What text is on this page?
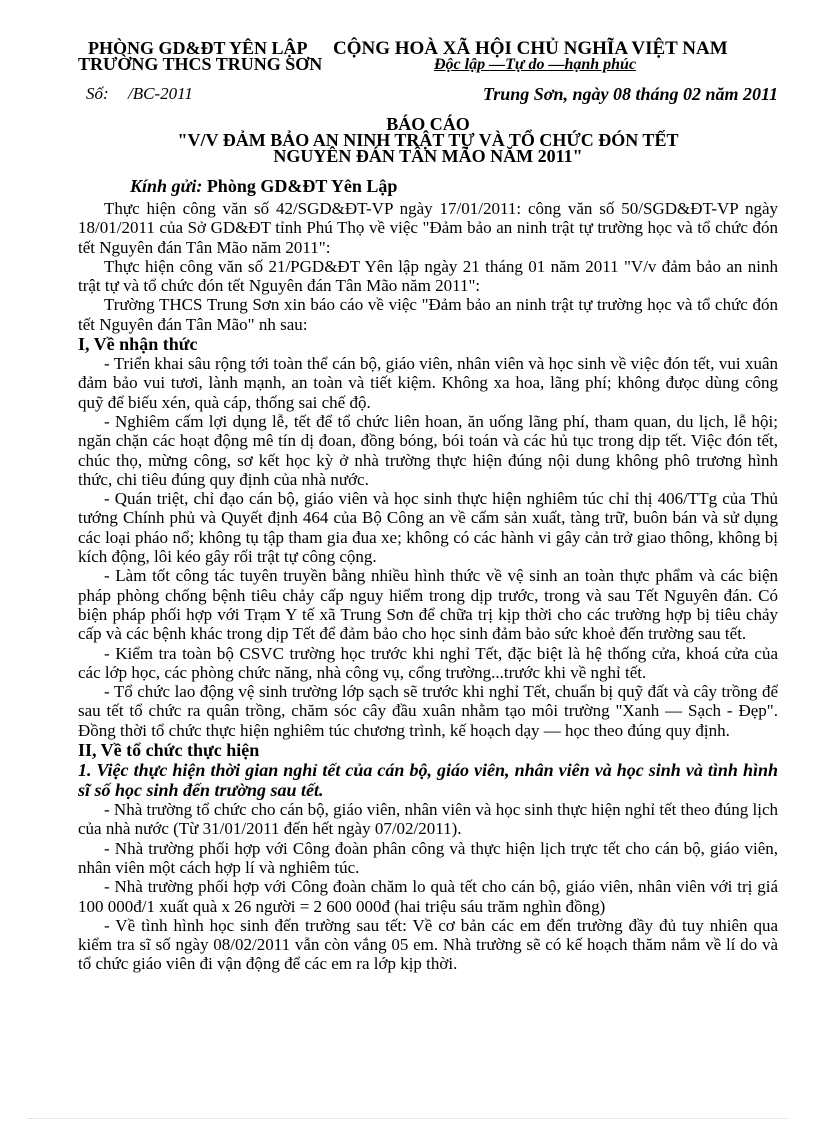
PHÒNG GD&ĐT YÊN LẬP
TRƯỜNG THCS TRUNG SƠN
CỘNG HOÀ XÃ HỘI CHỦ NGHĨA VIỆT NAM
Độc lập —Tự do —hạnh phúc
Số: /BC-2011	Trung Sơn, ngày 08 tháng 02 năm 2011
BÁO CÁO
"V/V ĐẢM BẢO AN NINH TRẬT TỰ VÀ TỔ CHỨC ĐÓN TẾT
NGUYÊN ĐÁN TÂN MÃO NĂM 2011"
Kính gửi: Phòng GD&ĐT Yên Lập

Thực hiện công văn số 42/SGD&ĐT-VP ngày 17/01/2011: công văn số 50/SGD&ĐT-VP ngày 18/01/2011 của Sở GD&ĐT tỉnh Phú Thọ về việc "Đảm bảo an ninh trật tự trường học và tổ chức đón tết Nguyên đán Tân Mão năm 2011":

Thực hiện công văn số 21/PGD&ĐT Yên lập ngày 21 tháng 01 năm 2011 "V/v đảm bảo an ninh trật tự và tổ chức đón tết Nguyên đán Tân Mão năm 2011":

Trường THCS Trung Sơn xin báo cáo về việc "Đảm bảo an ninh trật tự trường học và tổ chức đón tết Nguyên đán Tân Mão" nh sau:

I, Về nhận thức

- Triển khai sâu rộng tới toàn thể cán bộ, giáo viên, nhân viên và học sinh về việc đón tết, vui xuân đảm bảo vui tươi, lành mạnh, an toàn và tiết kiệm. Không xa hoa, lãng phí; không đưọc dùng công quỹ để biếu xén, quà cáp, thống sai chế độ.

- Nghiêm cấm lợi dụng lễ, tết để tổ chức liên hoan, ăn uống lãng phí, tham quan, du lịch, lễ hội; ngăn chặn các hoạt động mê tín dị đoan, đồng bóng, bói toán và các hủ tục trong dịp tết. Việc đón tết, chúc thọ, mừng công, sơ kết học kỳ ở nhà trường thực hiện đúng nội dung không phô trương hình thức, chi tiêu đúng quy định của nhà nước.

- Quán triệt, chỉ đạo cán bộ, giáo viên và học sinh thực hiện nghiêm túc chỉ thị 406/TTg của Thủ tướng Chính phủ và Quyết định 464 của Bộ Công an về cấm sản xuất, tàng trữ, buôn bán và sử dụng các loại pháo nổ; không tụ tập tham gia đua xe; không có các hành vi gây cản trở giao thông, không bị kích động, lôi kéo gây rối trật tự công cộng.

- Làm tốt công tác tuyên truyền bằng nhiều hình thức về vệ sinh an toàn thực phẩm và các biện pháp phòng chống bệnh tiêu chảy cấp nguy hiểm trong dịp trước, trong và sau Tết Nguyên đán. Có biện pháp phối hợp với Trạm Y tế xã Trung Sơn để chữa trị kịp thời cho các trường hợp bị tiêu chảy cấp và các bệnh khác trong dịp Tết để đảm bảo cho học sinh đảm bảo sức khoẻ đến trường sau tết.

- Kiểm tra toàn bộ CSVC trường học trước khi nghỉ Tết, đặc biệt là hệ thống cửa, khoá cửa của các lớp học, các phòng chức năng, nhà công vụ, cổng trường...trước khi về nghỉ tết.

- Tổ chức lao động vệ sinh trường lớp sạch sẽ trước khi nghỉ Tết, chuẩn bị quỹ đất và cây trồng để sau tết tổ chức ra quân trồng, chăm sóc cây đầu xuân nhằm tạo môi trường "Xanh — Sạch - Đẹp". Đồng thời tổ chức thực hiện nghiêm túc chương trình, kế hoạch dạy — học theo đúng quy định.

II, Về tổ chức thực hiện
1. Việc thực hiện thời gian nghỉ tết của cán bộ, giáo viên, nhân viên và học sinh và tình hình sĩ số học sinh đến trường sau tết.

- Nhà trường tổ chức cho cán bộ, giáo viên, nhân viên và học sinh thực hiện nghỉ tết theo đúng lịch của nhà nước (Từ 31/01/2011 đến hết ngày 07/02/2011).

- Nhà trường phối hợp với Công đoàn phân công và thực hiện lịch trực tết cho cán bộ, giáo viên, nhân viên một cách hợp lí và nghiêm túc.

- Nhà trường phối hợp với Công đoàn chăm lo quà tết cho cán bộ, giáo viên, nhân viên với trị giá 100 000đ/1 xuất quà x 26 người = 2 600 000đ (hai triệu sáu trăm nghìn đồng)

- Về tình hình học sinh đến trường sau tết: Về cơ bản các em đến trường đầy đủ tuy nhiên qua kiểm tra sĩ số ngày 08/02/2011 vẫn còn vắng 05 em. Nhà trường sẽ có kế hoạch thăm nắm về lí do và tổ chức giáo viên đi vận động để các em ra lớp kịp thời.
